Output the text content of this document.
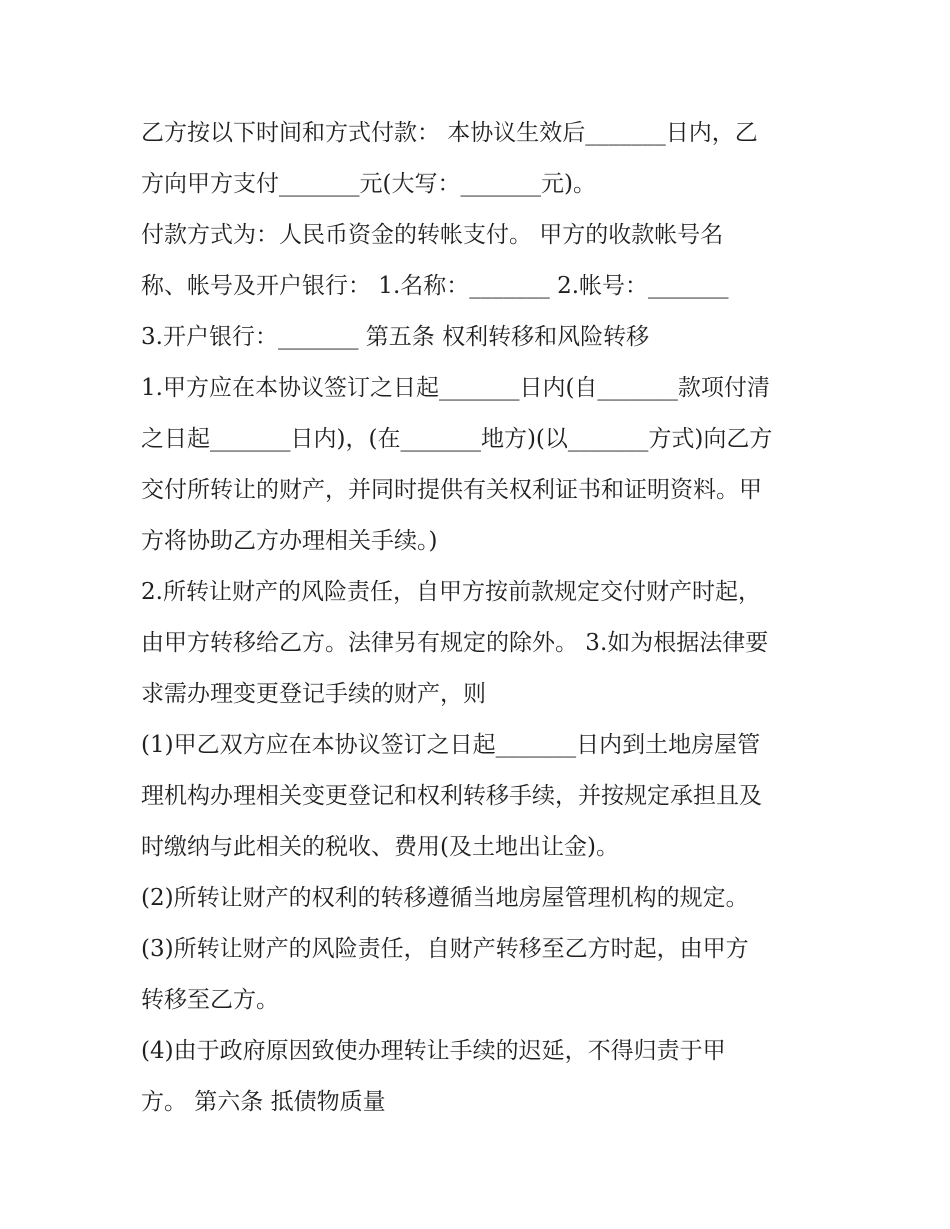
乙方按以下时间和方式付款： 本协议生效后_______日内，乙
方向甲方支付_______元(大写：_______元)。
付款方式为：人民币资金的转帐支付。 甲方的收款帐号名
称、帐号及开户银行： 1.名称：_______ 2.帐号：_______
3.开户银行：_______ 第五条 权利转移和风险转移
1.甲方应在本协议签订之日起_______日内(自_______款项付清
之日起_______日内)，(在_______地方)(以_______方式)向乙方
交付所转让的财产，并同时提供有关权利证书和证明资料。甲
方将协助乙方办理相关手续。)
2.所转让财产的风险责任，自甲方按前款规定交付财产时起，
由甲方转移给乙方。法律另有规定的除外。 3.如为根据法律要
求需办理变更登记手续的财产，则
(1)甲乙双方应在本协议签订之日起_______日内到土地房屋管
理机构办理相关变更登记和权利转移手续，并按规定承担且及
时缴纳与此相关的税收、费用(及土地出让金)。
(2)所转让财产的权利的转移遵循当地房屋管理机构的规定。
(3)所转让财产的风险责任，自财产转移至乙方时起，由甲方
转移至乙方。
(4)由于政府原因致使办理转让手续的迟延，不得归责于甲
方。 第六条 抵债物质量
